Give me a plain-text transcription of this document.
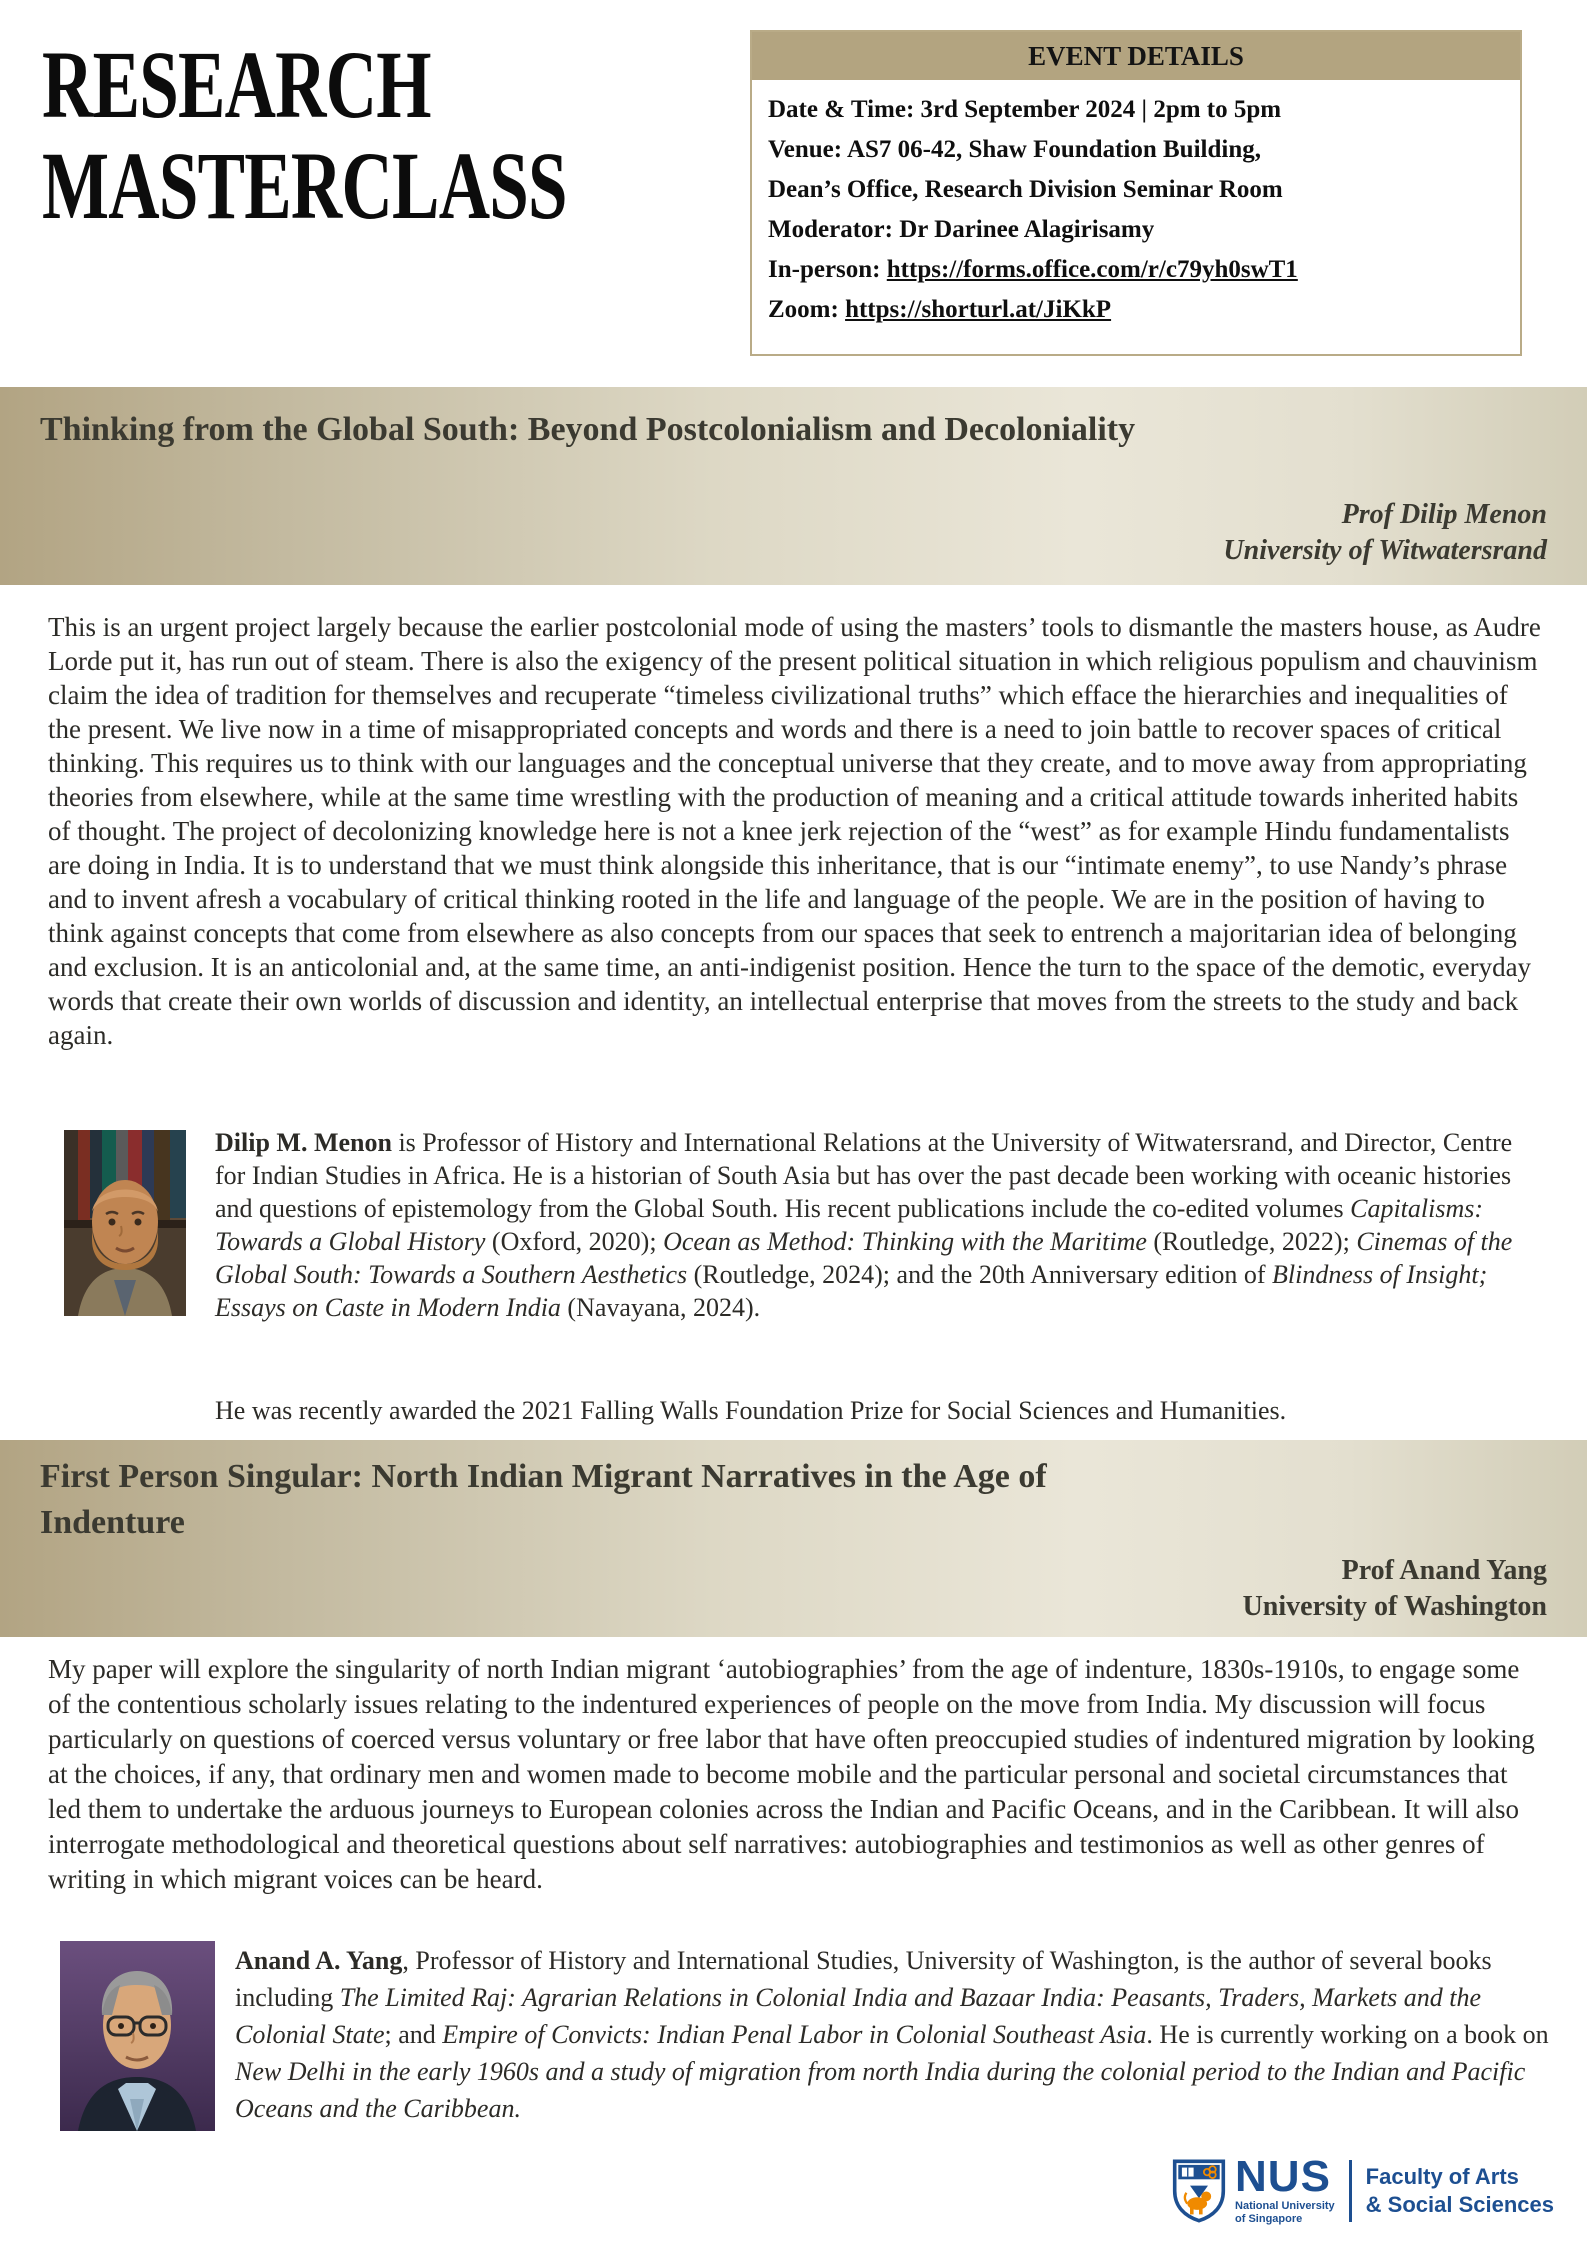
RESEARCH
MASTERCLASS
EVENT DETAILS
Date & Time: 3rd September 2024 | 2pm to 5pm
Venue: AS7 06-42, Shaw Foundation Building,
Dean’s Office, Research Division Seminar Room
Moderator: Dr Darinee Alagirisamy
In-person: https://forms.office.com/r/c79yh0swT1
Zoom: https://shorturl.at/JiKkP
Thinking from the Global South: Beyond Postcolonialism and Decoloniality
Prof Dilip Menon
University of Witwatersrand

This is an urgent project largely because the earlier postcolonial mode of using the masters’ tools to dismantle the masters house, as Audre Lorde put it, has run out of steam. There is also the exigency of the present political situation in which religious populism and chauvinism claim the idea of tradition for themselves and recuperate “timeless civilizational truths” which efface the hierarchies and inequalities of the present. We live now in a time of misappropriated concepts and words and there is a need to join battle to recover spaces of critical thinking. This requires us to think with our languages and the conceptual universe that they create, and to move away from appropriating theories from elsewhere, while at the same time wrestling with the production of meaning and a critical attitude towards inherited habits of thought. The project of decolonizing knowledge here is not a knee jerk rejection of the “west” as for example Hindu fundamentalists are doing in India. It is to understand that we must think alongside this inheritance, that is our “intimate enemy”, to use Nandy’s phrase and to invent afresh a vocabulary of critical thinking rooted in the life and language of the people. We are in the position of having to think against concepts that come from elsewhere as also concepts from our spaces that seek to entrench a majoritarian idea of belonging and exclusion. It is an anticolonial and, at the same time, an anti-indigenist position. Hence the turn to the space of the demotic, everyday words that create their own worlds of discussion and identity, an intellectual enterprise that moves from the streets to the study and back again.

Dilip M. Menon is Professor of History and International Relations at the University of Witwatersrand, and Director, Centre for Indian Studies in Africa. He is a historian of South Asia but has over the past decade been working with oceanic histories and questions of epistemology from the Global South. His recent publications include the co-edited volumes Capitalisms: Towards a Global History (Oxford, 2020); Ocean as Method: Thinking with the Maritime (Routledge, 2022); Cinemas of the Global South: Towards a Southern Aesthetics (Routledge, 2024); and the 20th Anniversary edition of Blindness of Insight; Essays on Caste in Modern India (Navayana, 2024).
He was recently awarded the 2021 Falling Walls Foundation Prize for Social Sciences and Humanities.
First Person Singular: North Indian Migrant Narratives in the Age of
Indenture
Prof Anand Yang
University of Washington

My paper will explore the singularity of north Indian migrant ‘autobiographies’ from the age of indenture, 1830s-1910s, to engage some of the contentious scholarly issues relating to the indentured experiences of people on the move from India. My discussion will focus particularly on questions of coerced versus voluntary or free labor that have often preoccupied studies of indentured migration by looking at the choices, if any, that ordinary men and women made to become mobile and the particular personal and societal circumstances that led them to undertake the arduous journeys to European colonies across the Indian and Pacific Oceans, and in the Caribbean. It will also interrogate methodological and theoretical questions about self narratives: autobiographies and testimonios as well as other genres of writing in which migrant voices can be heard.

Anand A. Yang, Professor of History and International Studies, University of Washington, is the author of several books including The Limited Raj: Agrarian Relations in Colonial India and Bazaar India: Peasants, Traders, Markets and the Colonial State; and Empire of Convicts: Indian Penal Labor in Colonial Southeast Asia. He is currently working on a book on New Delhi in the early 1960s and a study of migration from north India during the colonial period to the Indian and Pacific Oceans and the Caribbean.
NUS
National University
of Singapore
Faculty of Arts
& Social Sciences
